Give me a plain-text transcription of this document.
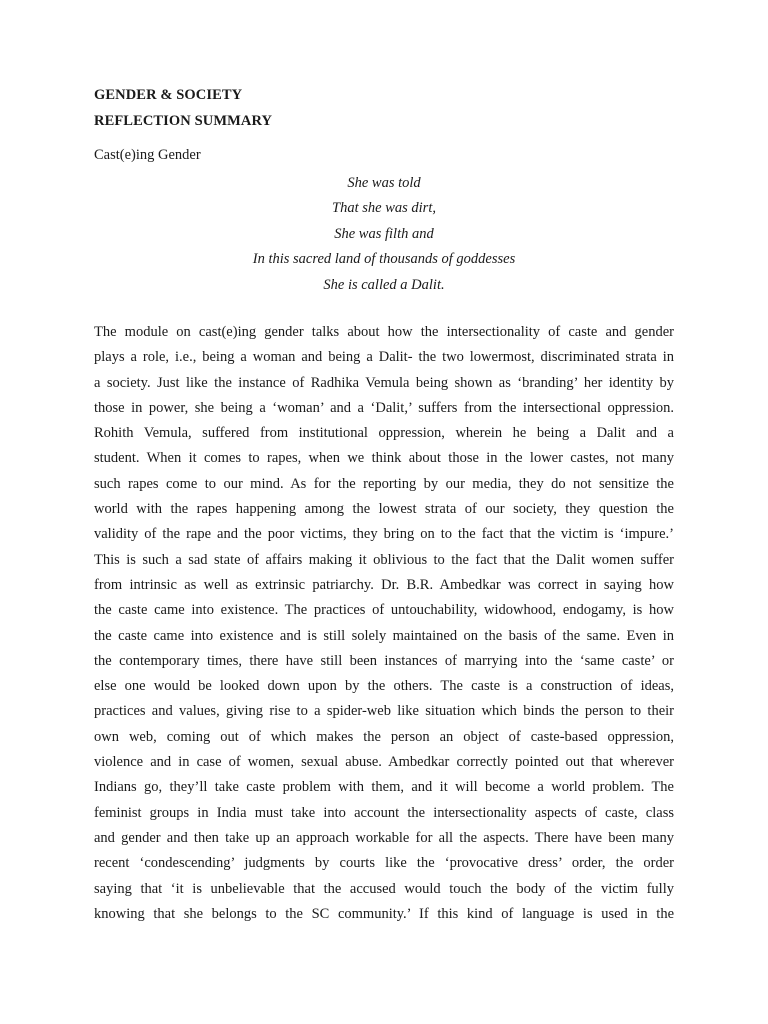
GENDER & SOCIETY
REFLECTION SUMMARY
Cast(e)ing Gender
She was told
That she was dirt,
She was filth and
In this sacred land of thousands of goddesses
She is called a Dalit.
The module on cast(e)ing gender talks about how the intersectionality of caste and gender
plays a role, i.e., being a woman and being a Dalit- the two lowermost, discriminated strata in
a society. Just like the instance of Radhika Vemula being shown as ‘branding’ her identity by
those in power, she being a ‘woman’ and a ‘Dalit,’ suffers from the intersectional oppression.
Rohith Vemula, suffered from institutional oppression, wherein he being a Dalit and a
student. When it comes to rapes, when we think about those in the lower castes, not many
such rapes come to our mind. As for the reporting by our media, they do not sensitize the
world with the rapes happening among the lowest strata of our society, they question the
validity of the rape and the poor victims, they bring on to the fact that the victim is ‘impure.’
This is such a sad state of affairs making it oblivious to the fact that the Dalit women suffer
from intrinsic as well as extrinsic patriarchy. Dr. B.R. Ambedkar was correct in saying how
the caste came into existence. The practices of untouchability, widowhood, endogamy, is how
the caste came into existence and is still solely maintained on the basis of the same. Even in
the contemporary times, there have still been instances of marrying into the ‘same caste’ or
else one would be looked down upon by the others. The caste is a construction of ideas,
practices and values, giving rise to a spider-web like situation which binds the person to their
own web, coming out of which makes the person an object of caste-based oppression,
violence and in case of women, sexual abuse. Ambedkar correctly pointed out that wherever
Indians go, they’ll take caste problem with them, and it will become a world problem. The
feminist groups in India must take into account the intersectionality aspects of caste, class
and gender and then take up an approach workable for all the aspects. There have been many
recent ‘condescending’ judgments by courts like the ‘provocative dress’ order, the order
saying that ‘it is unbelievable that the accused would touch the body of the victim fully
knowing that she belongs to the SC community.’ If this kind of language is used in the
